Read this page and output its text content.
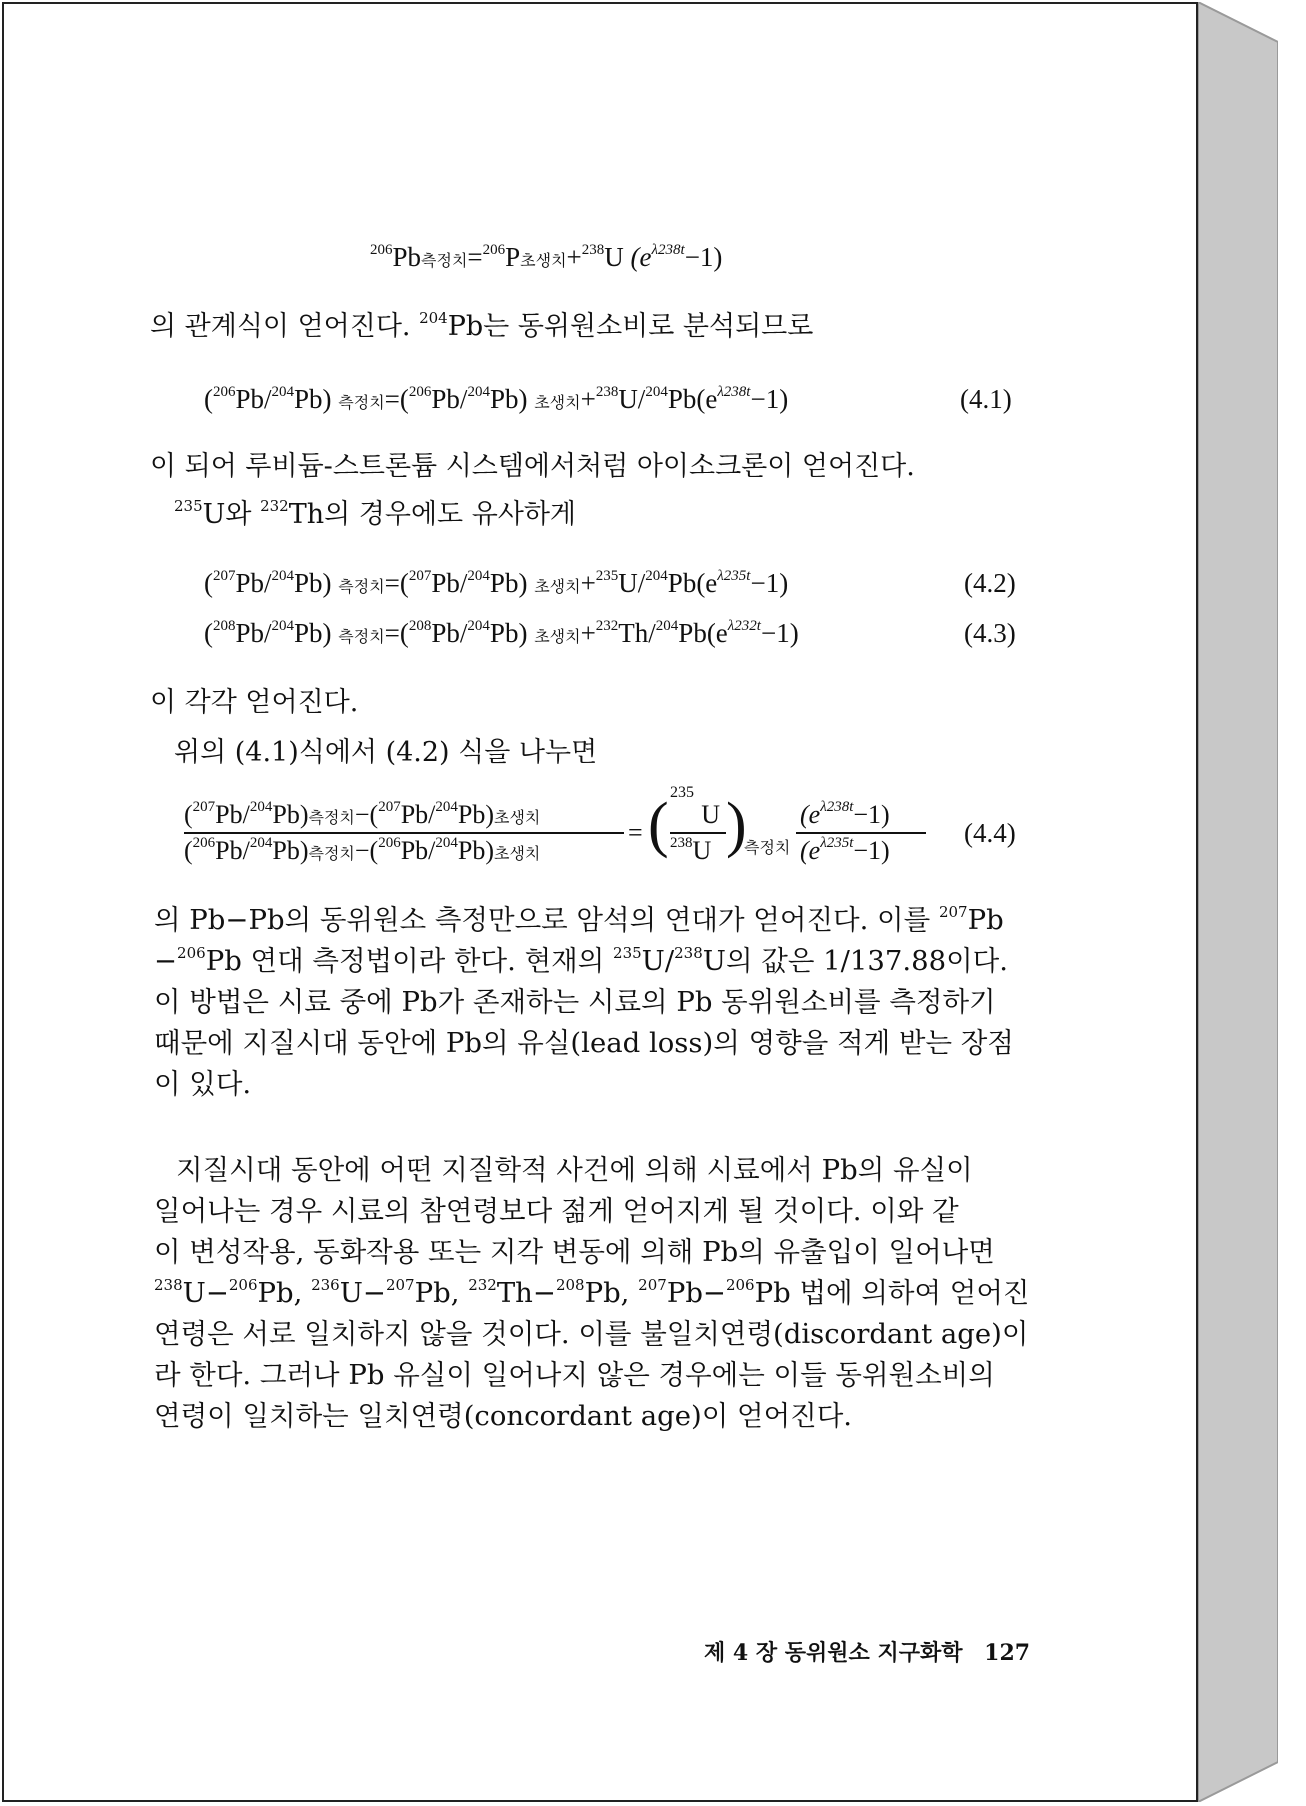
$^{206}$Pb측정치=$^{206}$P초생치+$^{238}$U $(e^{\lambda 238t}-1)$
의 관계식이 얻어진다. $^{204}$Pb는 동위원소비로 분석되므로
($^{206}$Pb/$^{204}$Pb) 측정치=($^{206}$Pb/$^{204}$Pb) 초생치$+^{238}U/^{204}Pb(e^{\lambda 238t}-1)$	(4.1)
이 되어 루비듐-스트론튬 시스템에서처럼 아이소크론이 얻어진다.
$^{235}$U와 $^{232}$Th의 경우에도 유사하게
($^{207}$Pb/$^{204}$Pb) 측정치=($^{207}$Pb/$^{204}$Pb) 초생치$+^{235}U/^{204}Pb(e^{\lambda 235t}-1)$	(4.2)
($^{208}$Pb/$^{204}$Pb) 측정치=($^{208}$Pb/$^{204}$Pb) 초생치$+^{232}Th/^{204}Pb(e^{\lambda 232t}-1)$	(4.3)
이 각각 얻어진다.
위의 (4.1)식에서 (4.2) 식을 나누면
($^{207}$Pb/$^{204}$Pb)측정치−($^{207}$Pb/$^{204}$Pb)초생치
($^{206}$Pb/$^{204}$Pb)측정치−($^{206}$Pb/$^{204}$Pb)초생치
= ( 235
U
$^{238}$U )
측정치
$(e^{\lambda 238t}-1)$
$(e^{\lambda 235t}-1)$
(4.4)
의 Pb−Pb의 동위원소 측정만으로 암석의 연대가 얻어진다. 이를 $^{207}$Pb
−$^{206}$Pb 연대 측정법이라 한다. 현재의 $^{235}$U/$^{238}$U의 값은 1/137.88이다.
이 방법은 시료 중에 Pb가 존재하는 시료의 Pb 동위원소비를 측정하기
때문에 지질시대 동안에 Pb의 유실(lead loss)의 영향을 적게 받는 장점
이 있다.
지질시대 동안에 어떤 지질학적 사건에 의해 시료에서 Pb의 유실이
일어나는 경우 시료의 참연령보다 젊게 얻어지게 될 것이다. 이와 같
이 변성작용, 동화작용 또는 지각 변동에 의해 Pb의 유출입이 일어나면
$^{238}$U−$^{206}$Pb, $^{236}$U−$^{207}$Pb, $^{232}$Th−$^{208}$Pb, $^{207}$Pb−$^{206}$Pb 법에 의하여 얻어진
연령은 서로 일치하지 않을 것이다. 이를 불일치연령(discordant age)이
라 한다. 그러나 Pb 유실이 일어나지 않은 경우에는 이들 동위원소비의
연령이 일치하는 일치연령(concordant age)이 얻어진다.
제 4 장 동위원소 지구화학 127
